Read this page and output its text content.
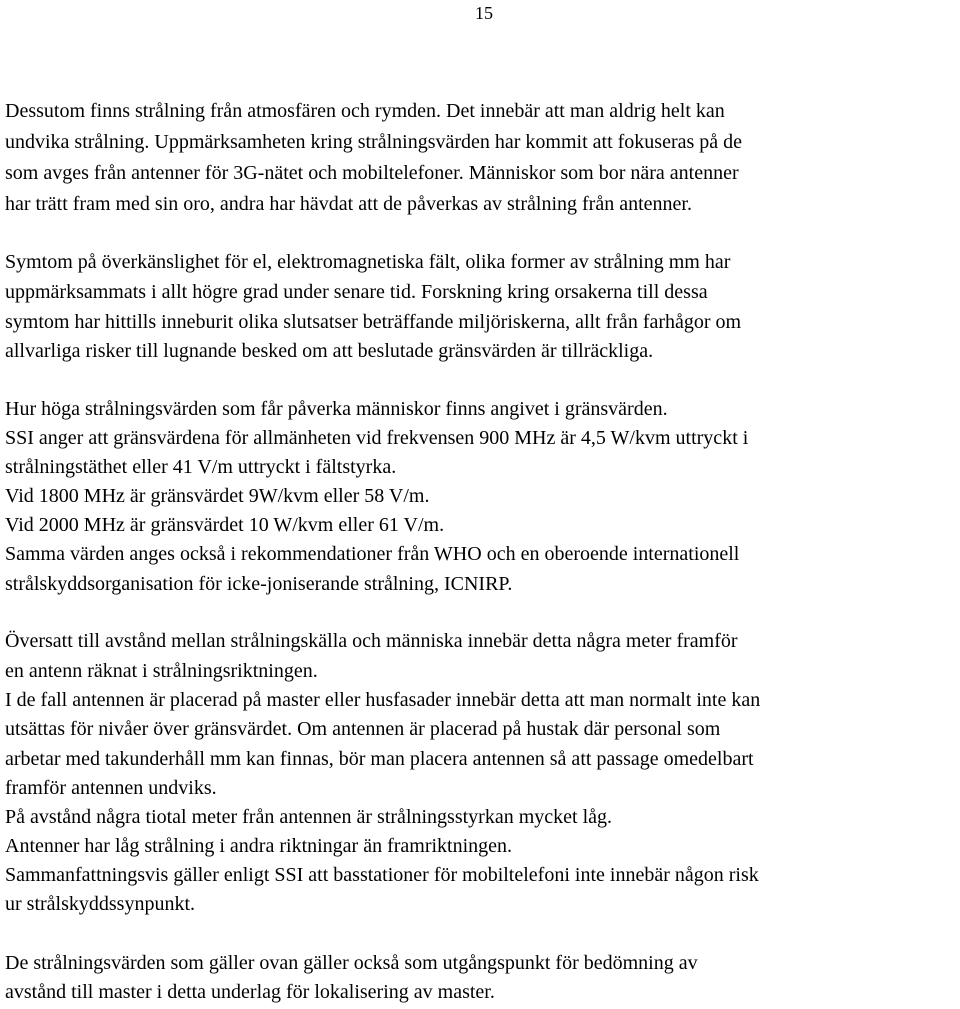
15
Dessutom finns strålning från atmosfären och rymden. Det innebär att man aldrig helt kan
undvika strålning. Uppmärksamheten kring strålningsvärden har kommit att fokuseras på de
som avges från antenner för 3G-nätet och mobiltelefoner. Människor som bor nära antenner
har trätt fram med sin oro, andra har hävdat att de påverkas av strålning från antenner.
Symtom på överkänslighet för el, elektromagnetiska fält, olika former av strålning mm har
uppmärksammats i allt högre grad under senare tid. Forskning kring orsakerna till dessa
symtom har hittills inneburit olika slutsatser beträffande miljöriskerna, allt från farhågor om
allvarliga risker till lugnande besked om att beslutade gränsvärden är tillräckliga.
Hur höga strålningsvärden som får påverka människor finns angivet i gränsvärden.
SSI anger att gränsvärdena för allmänheten vid frekvensen 900 MHz är 4,5 W/kvm uttryckt i
strålningstäthet eller 41 V/m uttryckt i fältstyrka.
Vid 1800 MHz är gränsvärdet 9W/kvm eller 58 V/m.
Vid 2000 MHz är gränsvärdet 10 W/kvm eller 61 V/m.
Samma värden anges också i rekommendationer från WHO och en oberoende internationell
strålskyddsorganisation för icke-joniserande strålning, ICNIRP.
Översatt till avstånd mellan strålningskälla och människa innebär detta några meter framför
en antenn räknat i strålningsriktningen.
I de fall antennen är placerad på master eller husfasader innebär detta att man normalt inte kan
utsättas för nivåer över gränsvärdet. Om antennen är placerad på hustak där personal som
arbetar med takunderhåll mm kan finnas, bör man placera antennen så att passage omedelbart
framför antennen undviks.
På avstånd några tiotal meter från antennen är strålningsstyrkan mycket låg.
Antenner har låg strålning i andra riktningar än framriktningen.
Sammanfattningsvis gäller enligt SSI att basstationer för mobiltelefoni inte innebär någon risk
ur strålskyddssynpunkt.
De strålningsvärden som gäller ovan gäller också som utgångspunkt för bedömning av
avstånd till master i detta underlag för lokalisering av master.
